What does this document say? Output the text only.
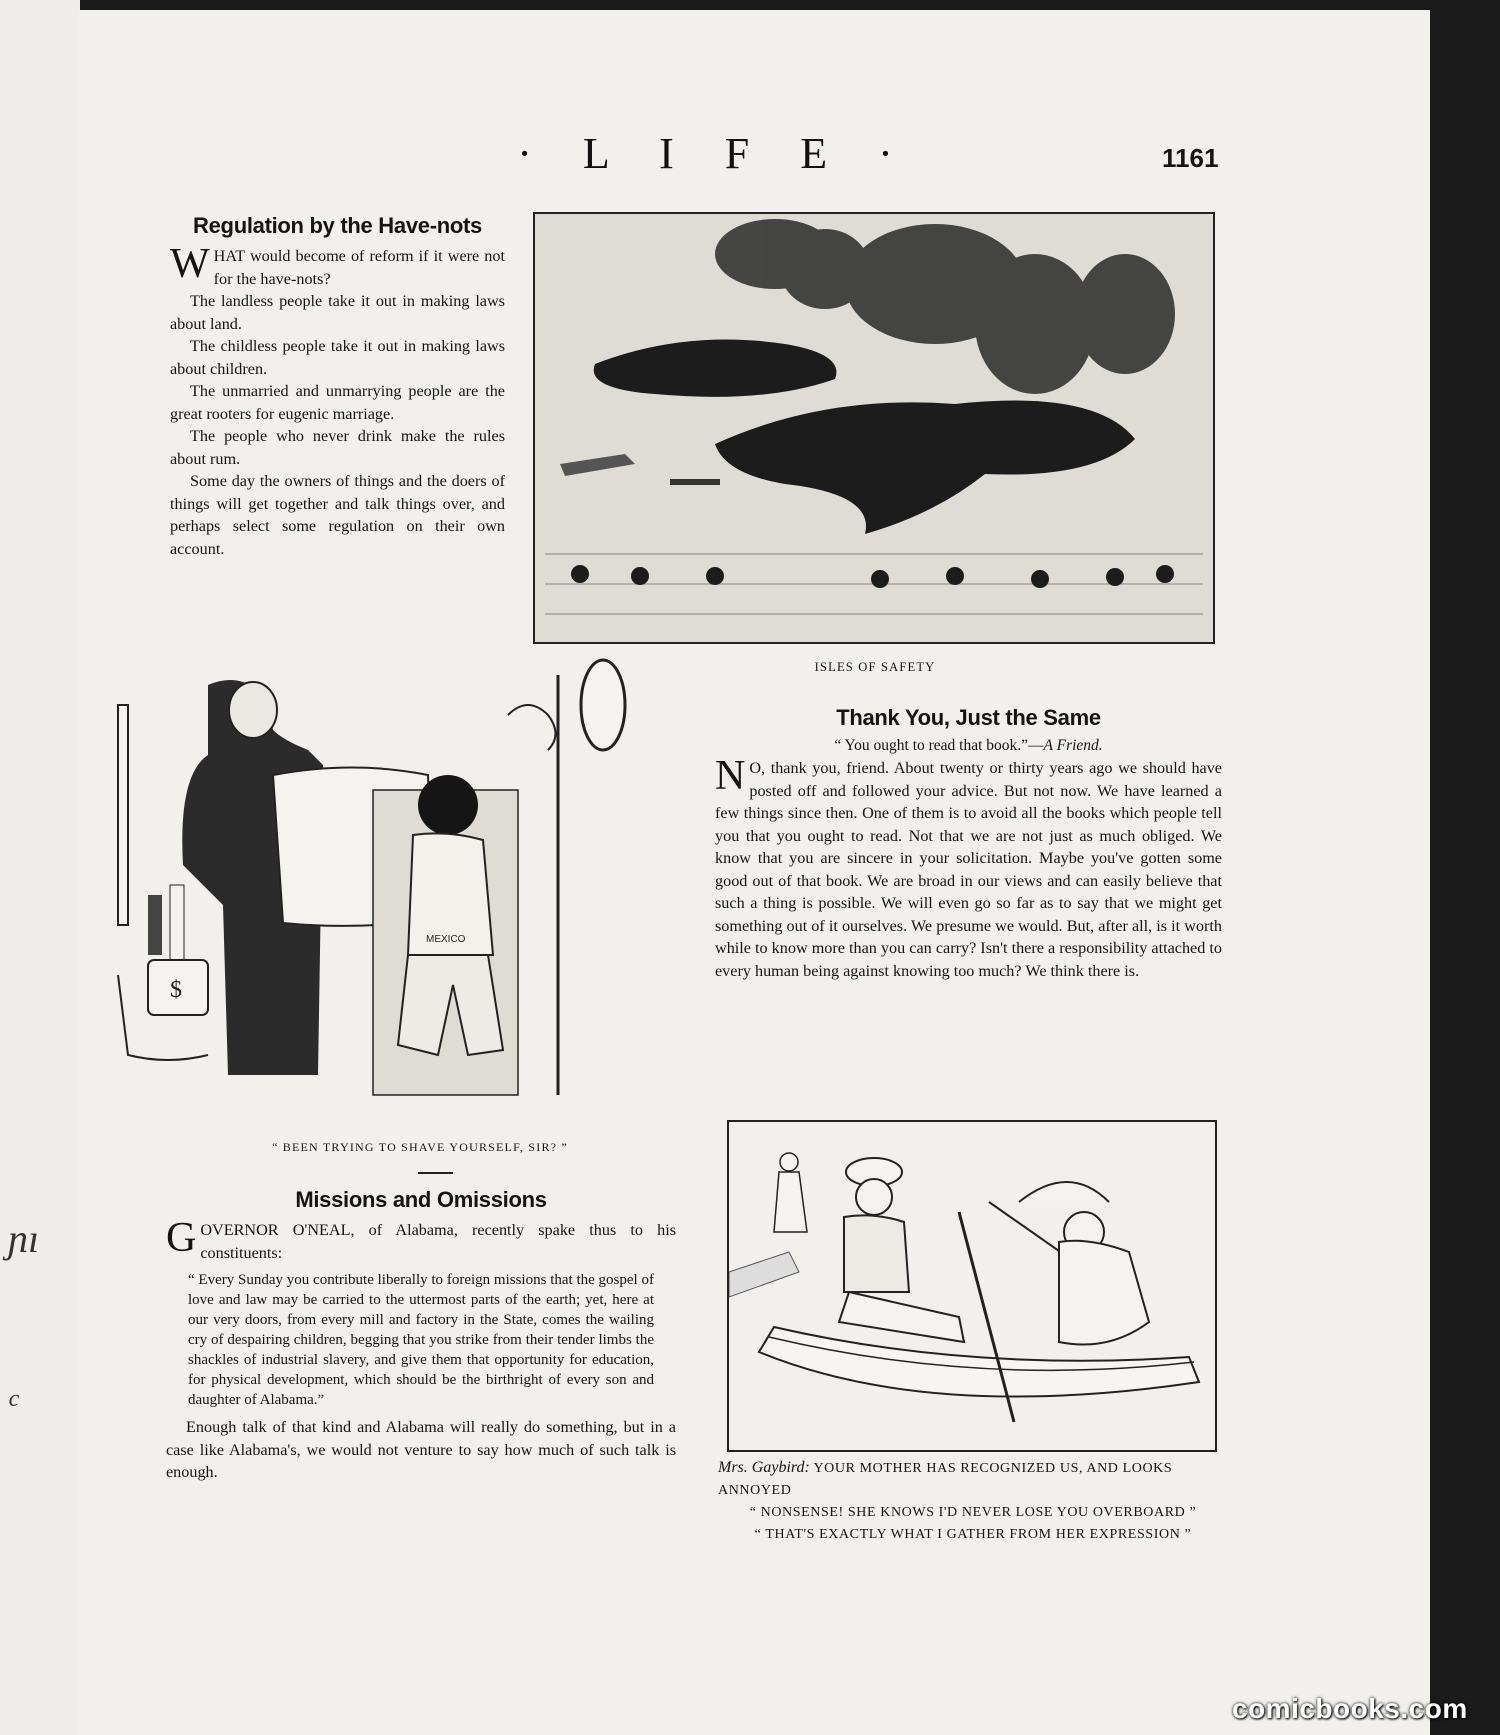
ɲı
ᶜ
· L I F E ·	1161
Regulation by the Have-nots

WHAT would become of reform if it were not for the have-nots?

The landless people take it out in making laws about land.

The childless people take it out in making laws about children.

The unmarried and unmarrying people are the great rooters for eugenic marriage.

The people who never drink make the rules about rum.

Some day the owners of things and the doers of things will get together and talk things over, and perhaps select some regulation on their own account.

ISLES OF SAFETY
MEXICO
$
“ BEEN TRYING TO SHAVE YOURSELF, SIR? ”
Thank You, Just the Same

“ You ought to read that book.”—A Friend.

N O, thank you, friend. About twenty or thirty years ago we should have posted off and followed your advice. But not now. We have learned a few things since then. One of them is to avoid all the books which people tell you that you ought to read. Not that we are not just as much obliged. We know that you are sincere in your solicitation. Maybe you've gotten some good out of that book. We are broad in our views and can easily believe that such a thing is possible. We will even go so far as to say that we might get something out of it ourselves. We presume we would. But, after all, is it worth while to know more than you can carry? Isn't there a responsibility attached to every human being against knowing too much? We think there is.

Missions and Omissions

GOVERNOR O'NEAL, of Alabama, recently spake thus to his constituents:

“ Every Sunday you contribute liberally to foreign missions that the gospel of love and law may be carried to the uttermost parts of the earth; yet, here at our very doors, from every mill and factory in the State, comes the wailing cry of despairing children, begging that you strike from their tender limbs the shackles of industrial slavery, and give them that opportunity for education, for physical development, which should be the birthright of every son and daughter of Alabama.”

Enough talk of that kind and Alabama will really do something, but in a case like Alabama's, we would not venture to say how much of such talk is enough.	Mrs. Gaybird: YOUR MOTHER HAS RECOGNIZED US, AND LOOKS ANNOYED
“ NONSENSE! SHE KNOWS I'D NEVER LOSE YOU OVERBOARD ”
“ THAT'S EXACTLY WHAT I GATHER FROM HER EXPRESSION ”
comicbooks.com
